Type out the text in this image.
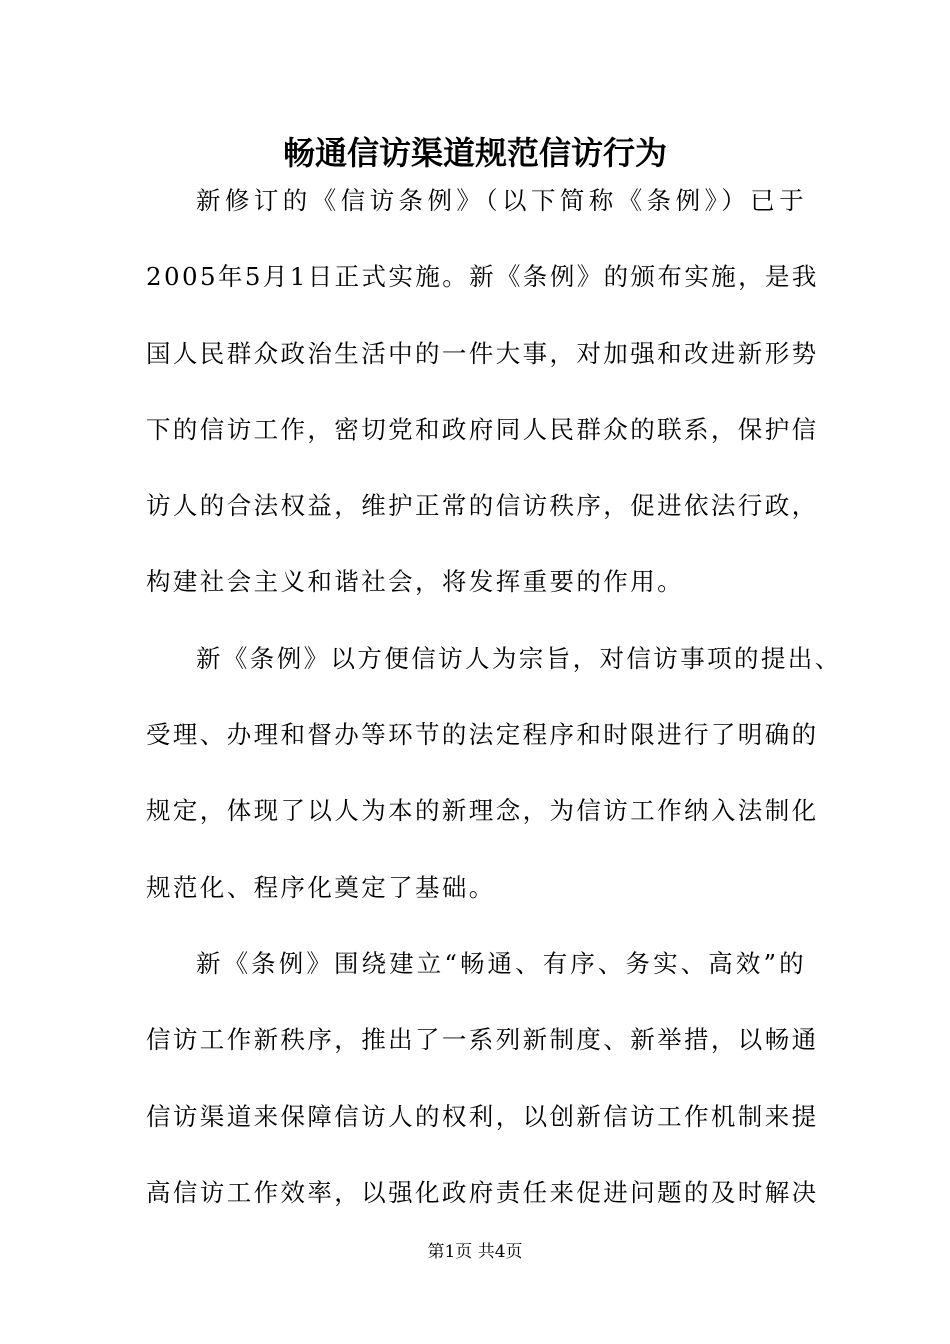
畅通信访渠道规范信访行为
新修订的《信访条例》（以下简称《条例》）已于
2005年5月1日正式实施。新《条例》的颁布实施，是我
国人民群众政治生活中的一件大事，对加强和改进新形势
下的信访工作，密切党和政府同人民群众的联系，保护信
访人的合法权益，维护正常的信访秩序，促进依法行政，
构建社会主义和谐社会，将发挥重要的作用。
新《条例》以方便信访人为宗旨，对信访事项的提出、
受理、办理和督办等环节的法定程序和时限进行了明确的
规定，体现了以人为本的新理念，为信访工作纳入法制化
规范化、程序化奠定了基础。
新《条例》围绕建立“畅通、有序、务实、高效”的
信访工作新秩序，推出了一系列新制度、新举措，以畅通
信访渠道来保障信访人的权利，以创新信访工作机制来提
高信访工作效率，以强化政府责任来促进问题的及时解决
第1页 共4页
